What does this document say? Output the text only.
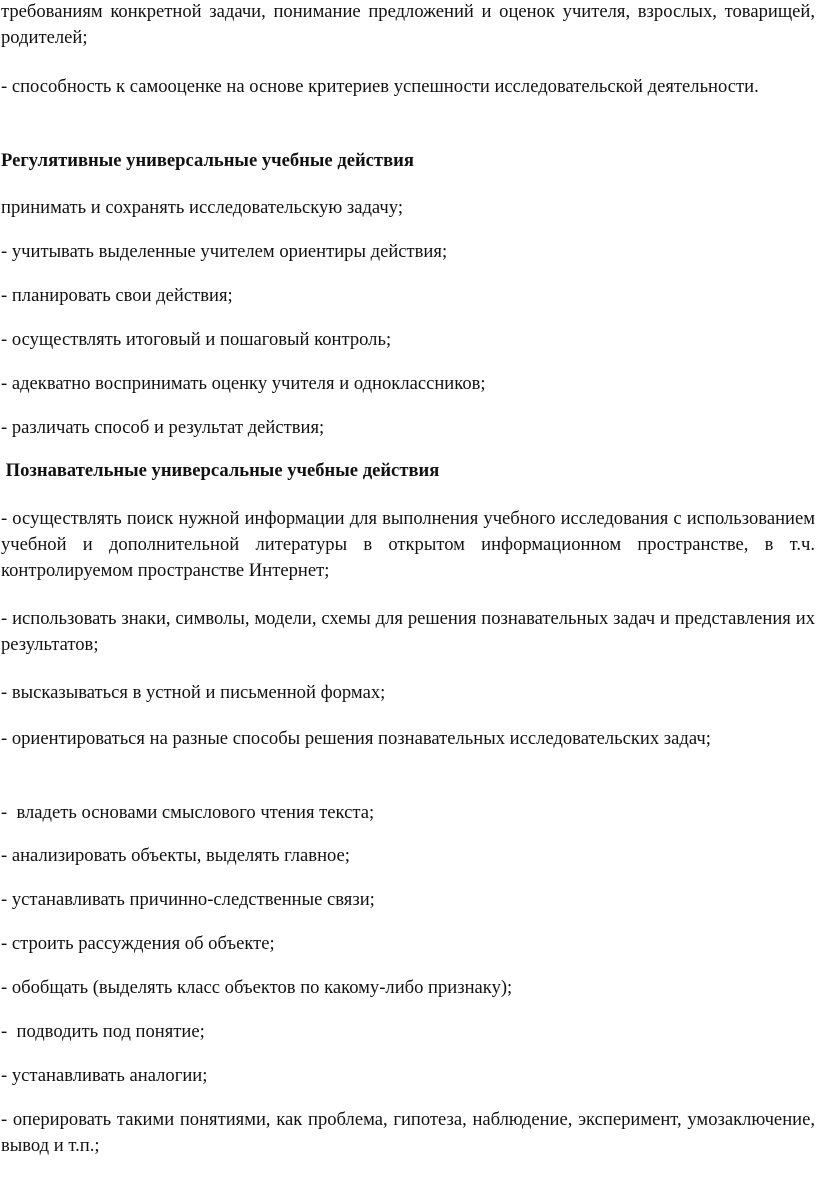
требованиям конкретной задачи, понимание предложений и оценок учителя, взрослых, товарищей, родителей;

- способность к самооценке на основе критериев успешности исследовательской деятельности.

Регулятивные универсальные учебные действия

принимать и сохранять исследовательскую задачу;

- учитывать выделенные учителем ориентиры действия;

- планировать свои действия;

- осуществлять итоговый и пошаговый контроль;

- адекватно воспринимать оценку учителя и одноклассников;

- различать способ и результат действия;

Познавательные универсальные учебные действия

- осуществлять поиск нужной информации для выполнения учебного исследования с использованием учебной и дополнительной литературы в открытом информационном пространстве, в т.ч. контролируемом пространстве Интернет;

- использовать знаки, символы, модели, схемы для решения познавательных задач и представления их результатов;

- высказываться в устной и письменной формах;

- ориентироваться на разные способы решения познавательных исследовательских задач;

-  владеть основами смыслового чтения текста;

- анализировать объекты, выделять главное;

- устанавливать причинно-следственные связи;

- строить рассуждения об объекте;

- обобщать (выделять класс объектов по какому-либо признаку);

-  подводить под понятие;

- устанавливать аналогии;

- оперировать такими понятиями, как проблема, гипотеза, наблюдение, эксперимент, умозаключение, вывод и т.п.;
